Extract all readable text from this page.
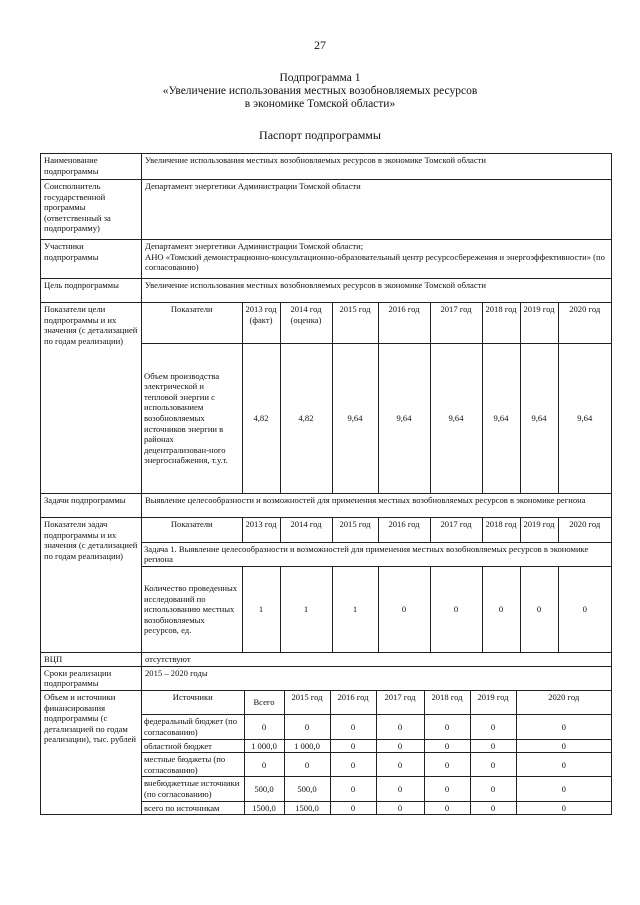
27
Подпрограмма 1
«Увеличение использования местных возобновляемых ресурсов
в экономике Томской области»
Паспорт подпрограммы
Наименование подпрограммы	Увеличение использования местных возобновляемых ресурсов в экономике Томской области
Соисполнитель государственной программы (ответственный за подпрограмму)	Департамент энергетики Администрации Томской области
Участники подпрограммы	
Департамент энергетики Администрации Томской области;
АНО «Томский демонстрационно-консультационно-образовательный центр ресурсосбережения и энергоэффективности» (по согласованию)

Цель подпрограммы	Увеличение использования местных возобновляемых ресурсов в экономике Томской области
Показатели цели подпрограммы и их значения (с детализацией по годам реализации)	
Показатели	2013 год (факт)	2014 год (оценка)	2015 год	2016 год	2017 год	2018 год	2019 год	2020 год
Объем производства электрической и тепловой энергии с использованием возобновляемых источников энергии в районах децентрализован-ного энергоснабжения, т.у.т.	4,82	4,82	9,64	9,64	9,64	9,64	9,64	9,64

Задачи подпрограммы	Выявление целесообразности и возможностей для применения местных возобновляемых ресурсов в экономике региона
Показатели задач подпрограммы и их значения (с детализацией по годам реализации)	
Показатели	2013 год	2014 год	2015 год	2016 год	2017 год	2018 год	2019 год	2020 год
Задача 1. Выявление целесообразности и возможностей для применения местных возобновляемых ресурсов в экономике региона
Количество проведенных исследований по использованию местных возобновляемых ресурсов, ед.	1	1	1	0	0	0	0	0

ВЦП	отсутствуют
Сроки реализации подпрограммы	2015 – 2020 годы
Объем и источники финансирования подпрограммы (с детализацией по годам реализации), тыс. рублей	
Источники	Всего	2015 год	2016 год	2017 год	2018 год	2019 год	2020 год
федеральный бюджет (по согласованию)	0	0	0	0	0	0	0
областной бюджет	1 000,0	1 000,0	0	0	0	0	0
местные бюджеты (по согласованию)	0	0	0	0	0	0	0
внебюджетные источники (по согласованию)	500,0	500,0	0	0	0	0	0
всего по источникам	1500,0	1500,0	0	0	0	0	0
